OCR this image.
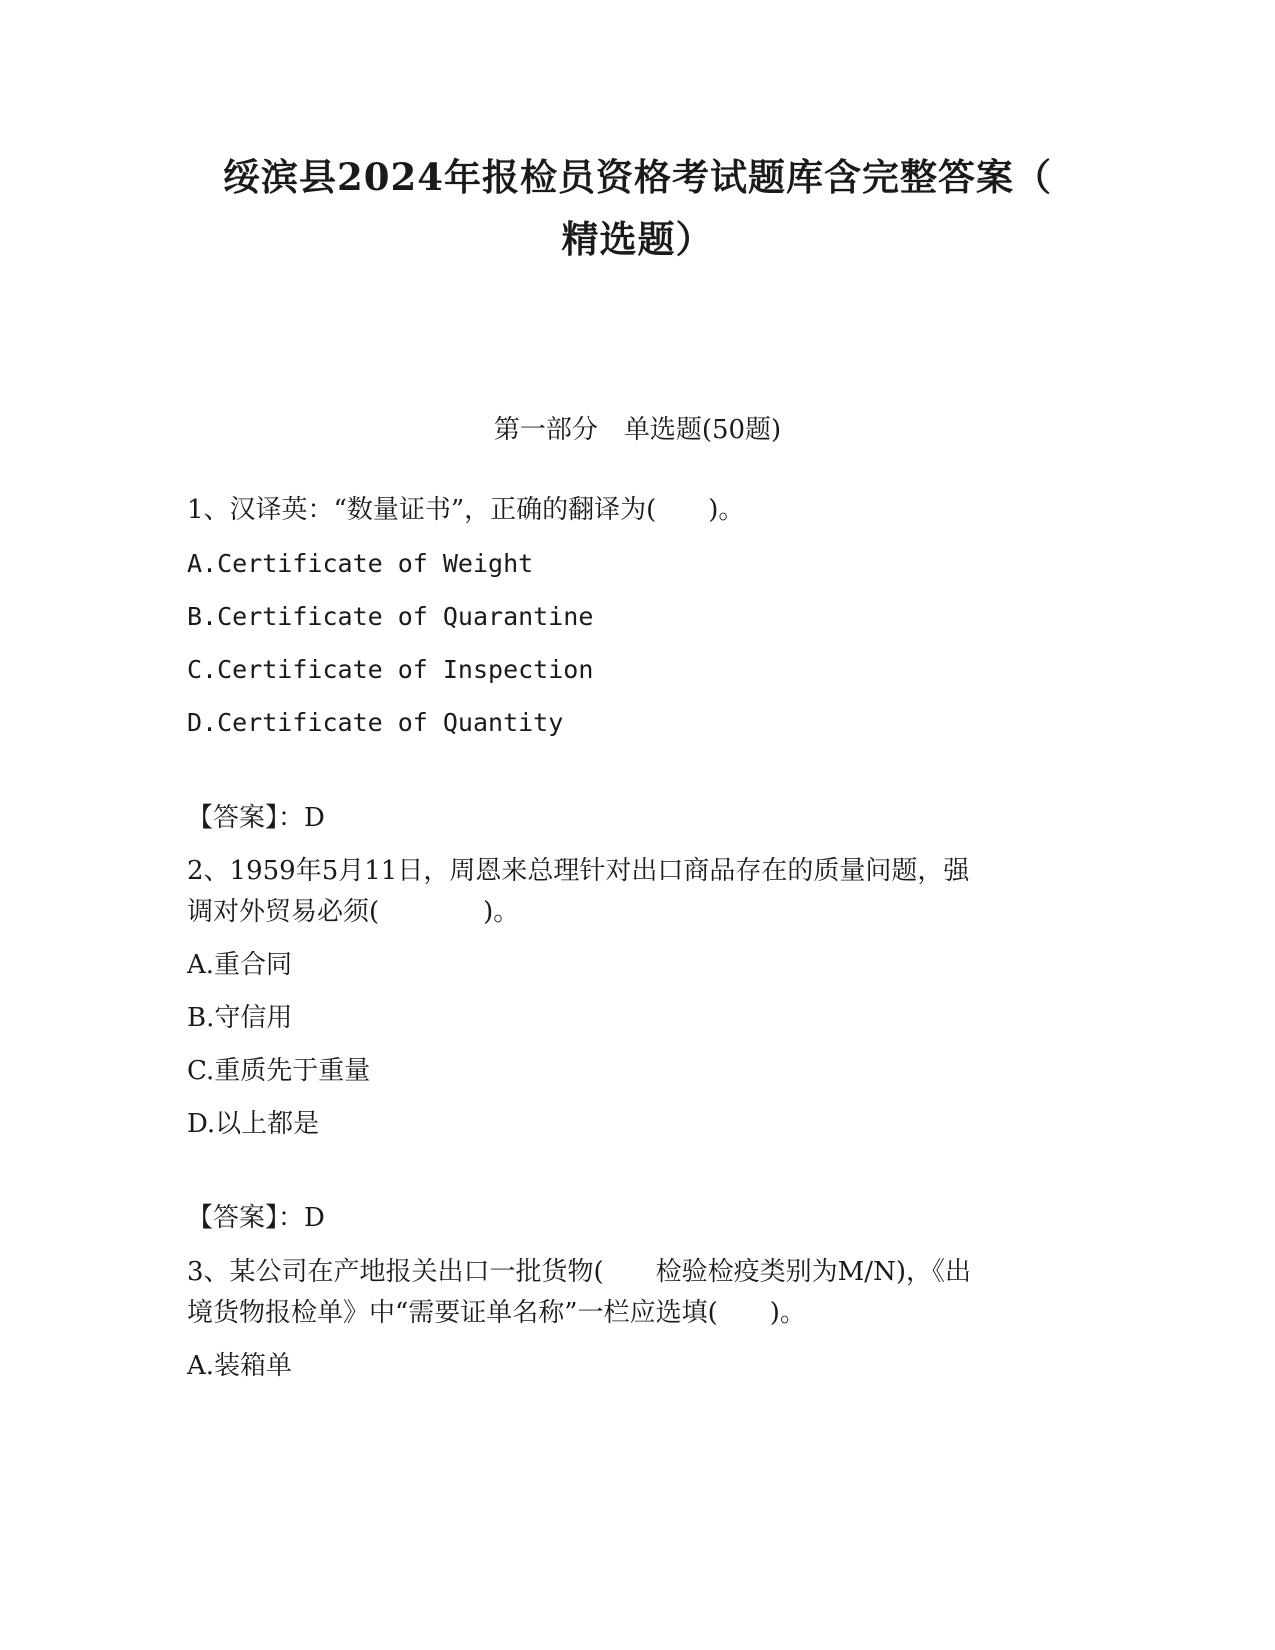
绥滨县2024年报检员资格考试题库含完整答案（
精选题）
第一部分　单选题(50题)
1、汉译英：“数量证书”，正确的翻译为(　　)。
A.Certificate of Weight
B.Certificate of Quarantine
C.Certificate of Inspection
D.Certificate of Quantity
【答案】：D
2、1959年5月11日，周恩来总理针对出口商品存在的质量问题，强
调对外贸易必须(　　　　)。
A.重合同
B.守信用
C.重质先于重量
D.以上都是
【答案】：D
3、某公司在产地报关出口一批货物(　　检验检疫类别为M/N)，《出
境货物报检单》中“需要证单名称”一栏应选填(　　)。
A.装箱单
